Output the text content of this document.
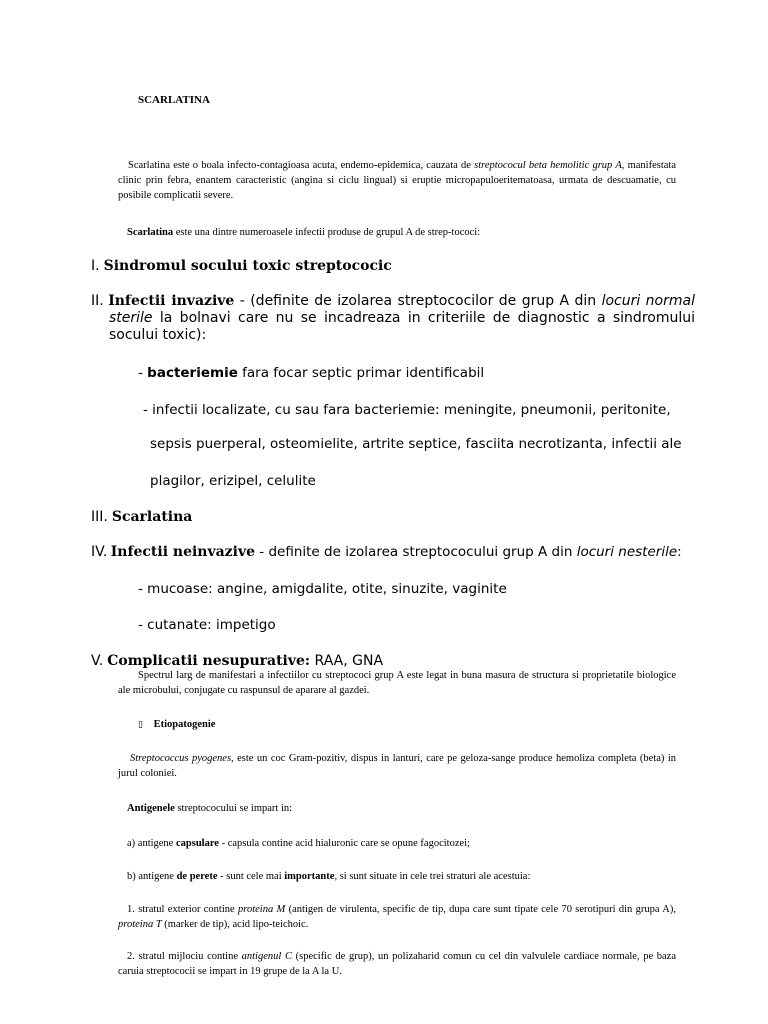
SCARLATINA
Scarlatina este o boala infecto-contagioasa acuta, endemo-epidemica, cauzata de streptococul beta hemolitic grup A, manifestata clinic prin febra, enantem caracteristic (angina si ciclu lingual) si eruptie micropapuloeritematoasa, urmata de descuamatie, cu posibile complicatii severe.
Scarlatina este una dintre numeroasele infectii produse de grupul A de strep-tococi:
I. Sindromul socului toxic streptococic
II. Infectii invazive - (definite de izolarea streptococilor de grup A din locuri normal sterile la bolnavi care nu se incadreaza in criteriile de diagnostic a sindromului socului toxic):
- bacteriemie fara focar septic primar identificabil
- infectii localizate, cu sau fara bacteriemie: meningite, pneumonii, peritonite,
sepsis puerperal, osteomielite, artrite septice, fasciita necrotizanta, infectii ale
plagilor, erizipel, celulite
III. Scarlatina
IV. Infectii neinvazive - definite de izolarea streptococului grup A din locuri nesterile:
- mucoase: angine, amigdalite, otite, sinuzite, vaginite
- cutanate: impetigo
V. Complicatii nesupurative: RAA, GNA
Spectrul larg de manifestari a infectiilor cu streptococi grup A este legat in buna masura de structura si proprietatile biologice ale microbului, conjugate cu raspunsul de aparare al gazdei.
▯ Etiopatogenie
Streptococcus pyogenes, este un coc Gram-pozitiv, dispus in lanturi, care pe geloza-sange produce hemoliza completa (beta) in jurul coloniei.
Antigenele streptococului se impart in:
a) antigene capsulare - capsula contine acid hialuronic care se opune fagocitozei;
b) antigene de perete - sunt cele mai importante, si sunt situate in cele trei straturi ale acestuia:
1. stratul exterior contine proteina M (antigen de virulenta, specific de tip, dupa care sunt tipate cele 70 serotipuri din grupa A), proteina T (marker de tip), acid lipo-teichoic.
2. stratul mijlociu contine antigenul C (specific de grup), un polizaharid comun cu cel din valvulele cardiace normale, pe baza caruia streptococii se impart in 19 grupe de la A la U.
